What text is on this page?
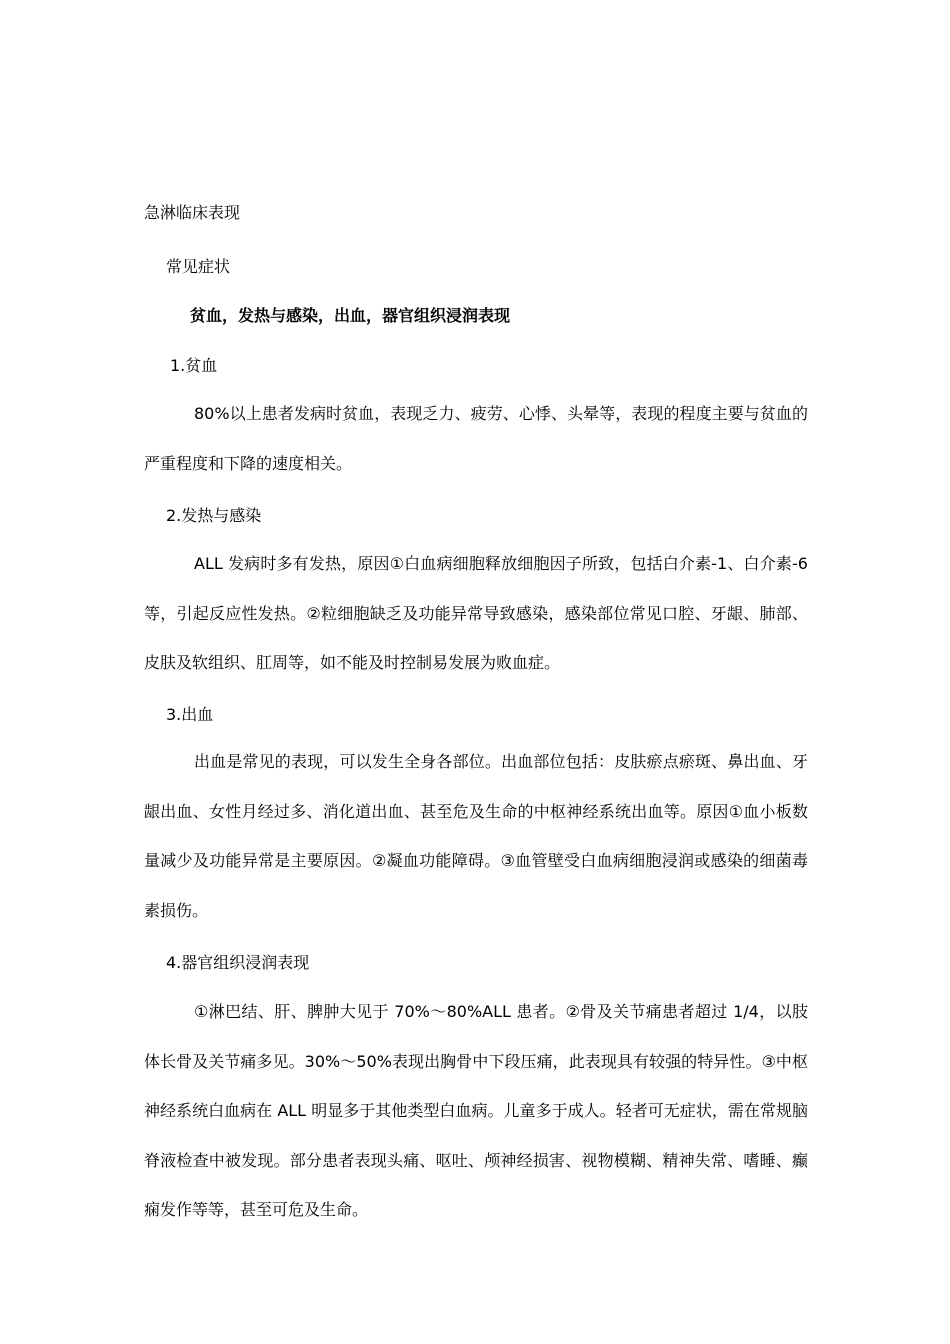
急淋临床表现
常见症状
贫血，发热与感染，出血，器官组织浸润表现
1.贫血

80%以上患者发病时贫血，表现乏力、疲劳、心悸、头晕等，表现的程度主要与贫血的严重程度和下降的速度相关。

2.发热与感染

ALL 发病时多有发热，原因①白血病细胞释放细胞因子所致，包括白介素-1、白介素-6 等，引起反应性发热。②粒细胞缺乏及功能异常导致感染，感染部位常见口腔、牙龈、肺部、皮肤及软组织、肛周等，如不能及时控制易发展为败血症。

3.出血

出血是常见的表现，可以发生全身各部位。出血部位包括：皮肤瘀点瘀斑、鼻出血、牙龈出血、女性月经过多、消化道出血、甚至危及生命的中枢神经系统出血等。原因①血小板数量减少及功能异常是主要原因。②凝血功能障碍。③血管壁受白血病细胞浸润或感染的细菌毒素损伤。

4.器官组织浸润表现

①淋巴结、肝、脾肿大见于 70%～80%ALL 患者。②骨及关节痛患者超过 1/4，以肢体长骨及关节痛多见。30%～50%表现出胸骨中下段压痛，此表现具有较强的特异性。③中枢神经系统白血病在 ALL 明显多于其他类型白血病。儿童多于成人。轻者可无症状，需在常规脑脊液检查中被发现。部分患者表现头痛、呕吐、颅神经损害、视物模糊、精神失常、嗜睡、癫痫发作等等，甚至可危及生命。
